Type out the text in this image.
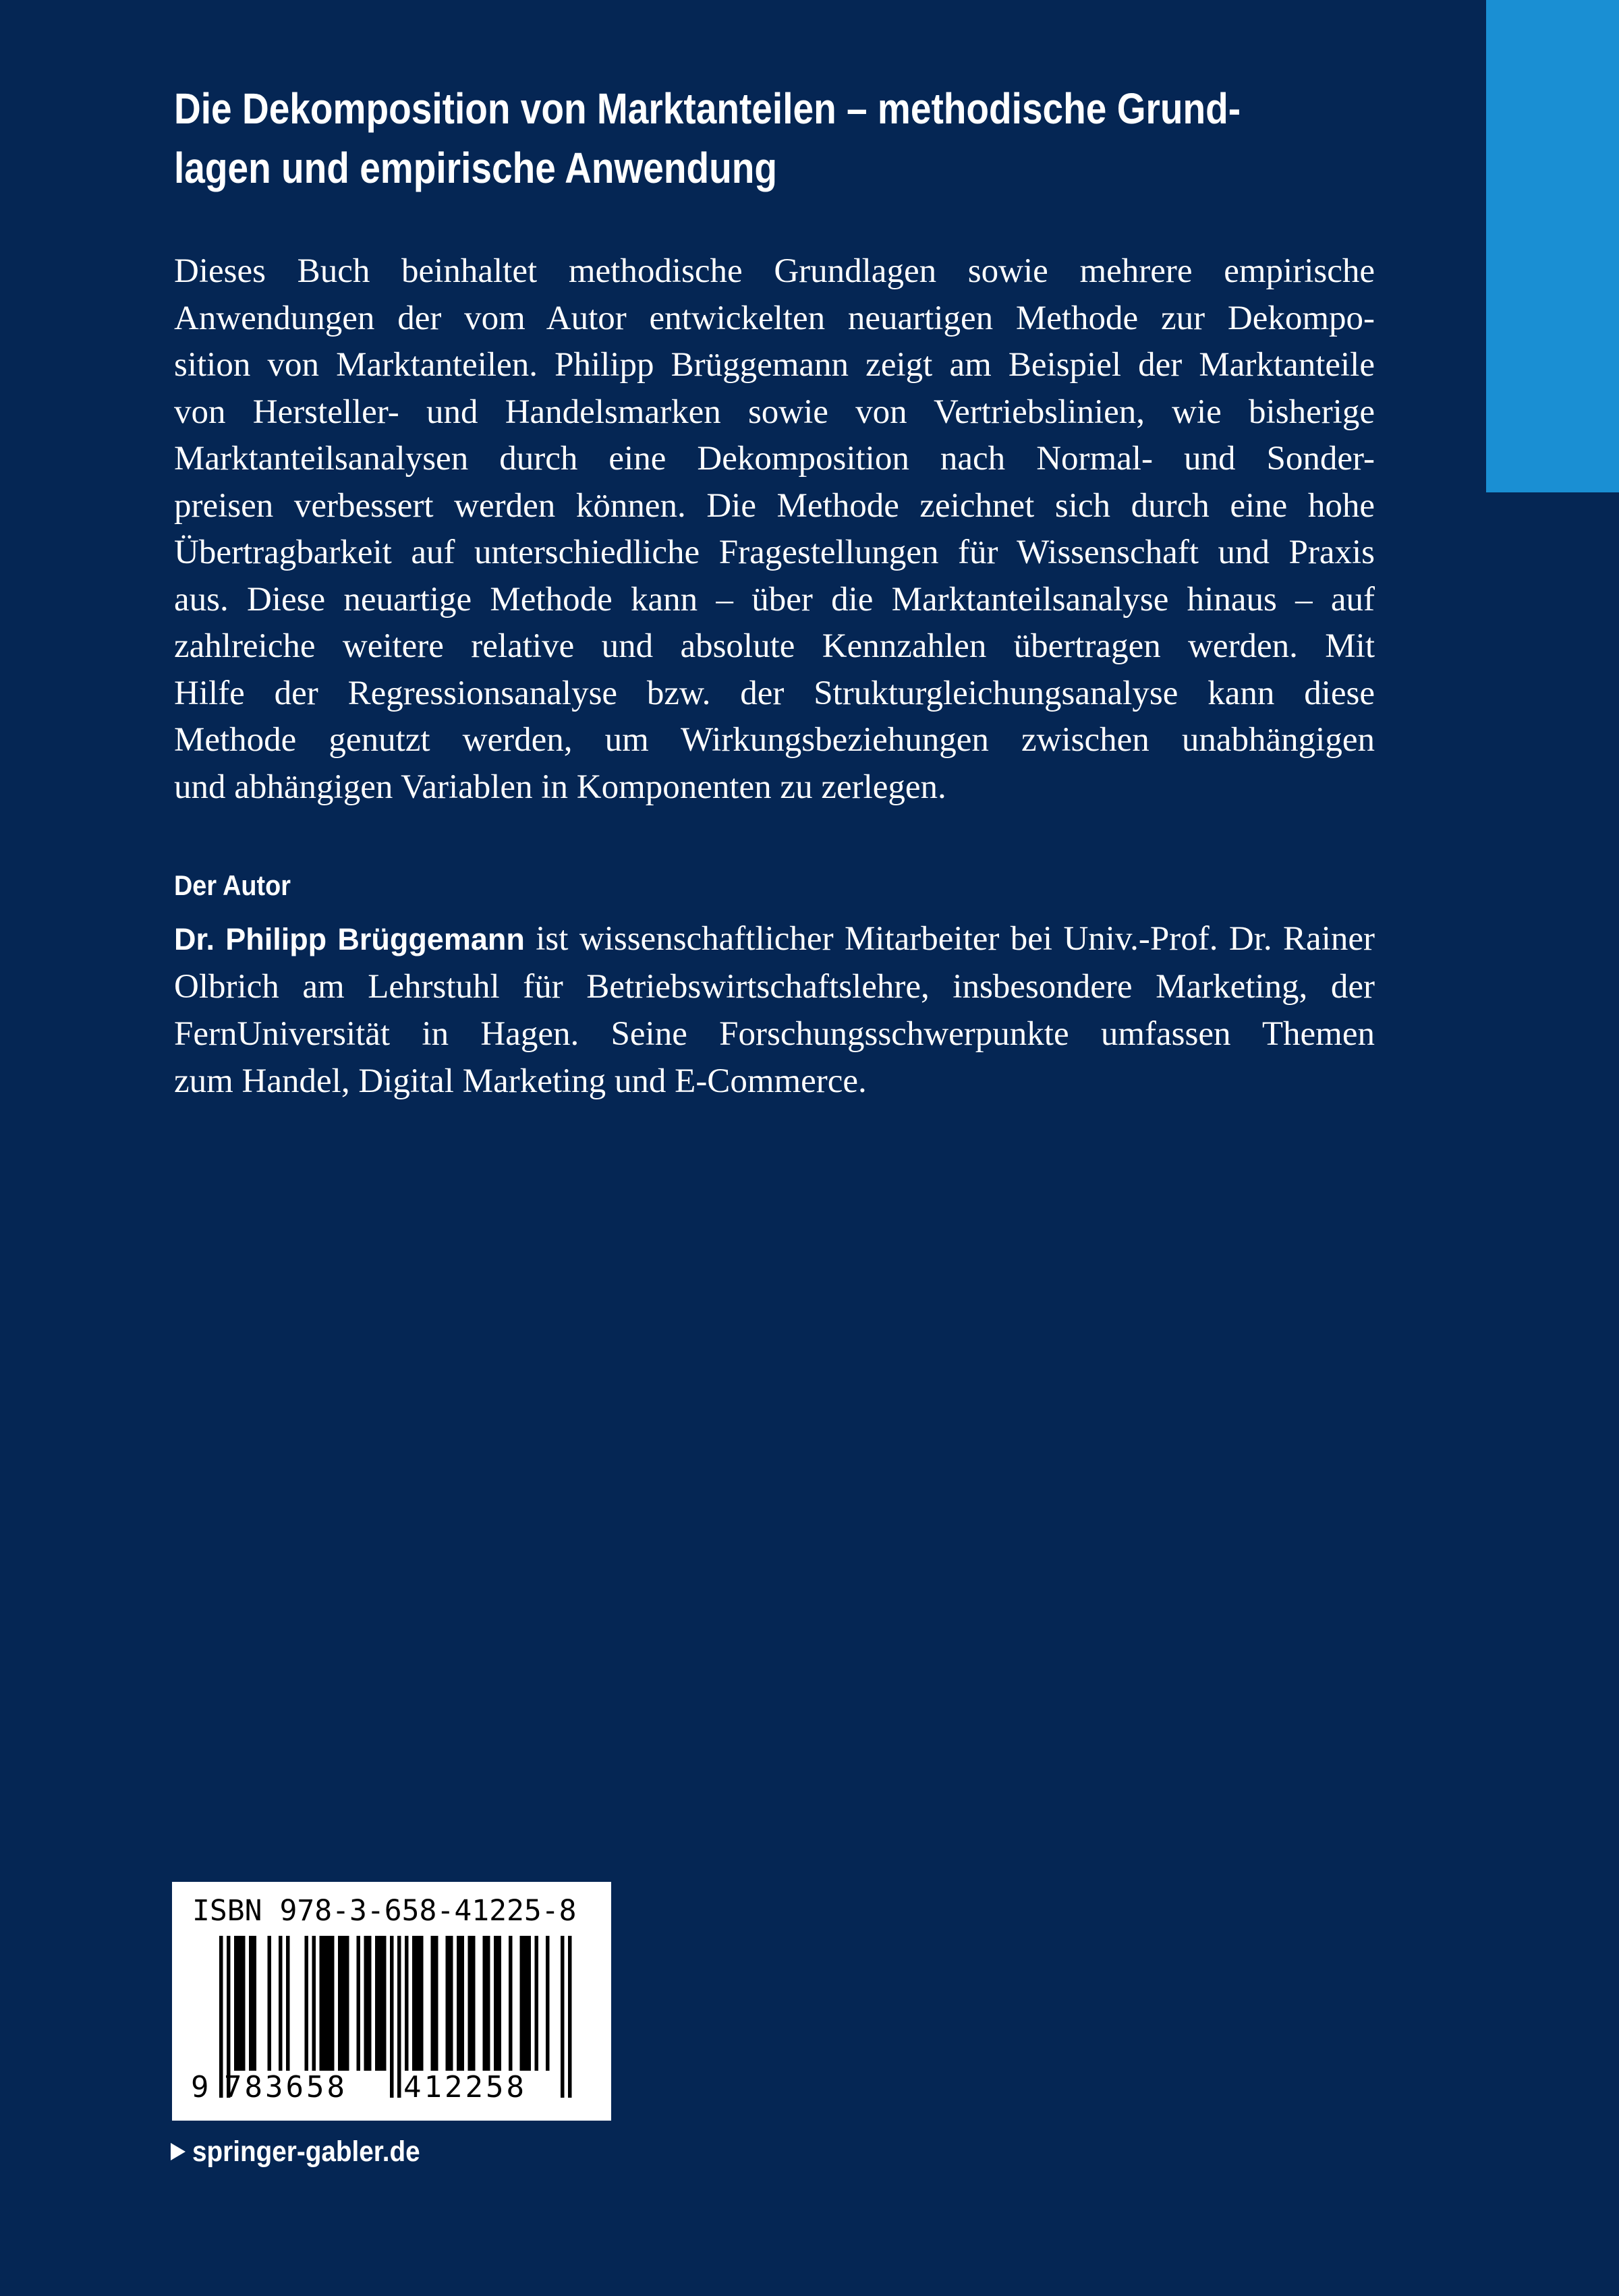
Die Dekomposition von Marktanteilen – methodische Grund-
lagen und empirische Anwendung
Dieses Buch beinhaltet methodische Grundlagen sowie mehrere empirische
Anwendungen der vom Autor entwickelten neuartigen Methode zur Dekompo-
sition von Marktanteilen. Philipp Brüggemann zeigt am Beispiel der Marktanteile
von Hersteller- und Handelsmarken sowie von Vertriebslinien, wie bisherige
Marktanteilsanalysen durch eine Dekomposition nach Normal- und Sonder-
preisen verbessert werden können. Die Methode zeichnet sich durch eine hohe
Übertragbarkeit auf unterschiedliche Fragestellungen für Wissenschaft und Praxis
aus. Diese neuartige Methode kann – über die Marktanteilsanalyse hinaus – auf
zahlreiche weitere relative und absolute Kennzahlen übertragen werden. Mit
Hilfe der Regressionsanalyse bzw. der Strukturgleichungsanalyse kann diese
Methode genutzt werden, um Wirkungsbeziehungen zwischen unabhängigen
und abhängigen Variablen in Komponenten zu zerlegen.
Der Autor
Dr. Philipp Brüggemann ist wissenschaftlicher Mitarbeiter bei Univ.-Prof. Dr. Rainer
Olbrich am Lehrstuhl für Betriebswirtschaftslehre, insbesondere Marketing, der
FernUniversität in Hagen. Seine Forschungsschwerpunkte umfassen Themen
zum Handel, Digital Marketing und E-Commerce.
ISBN 978-3-658-41225-8
9 783658 412258
springer-gabler.de
